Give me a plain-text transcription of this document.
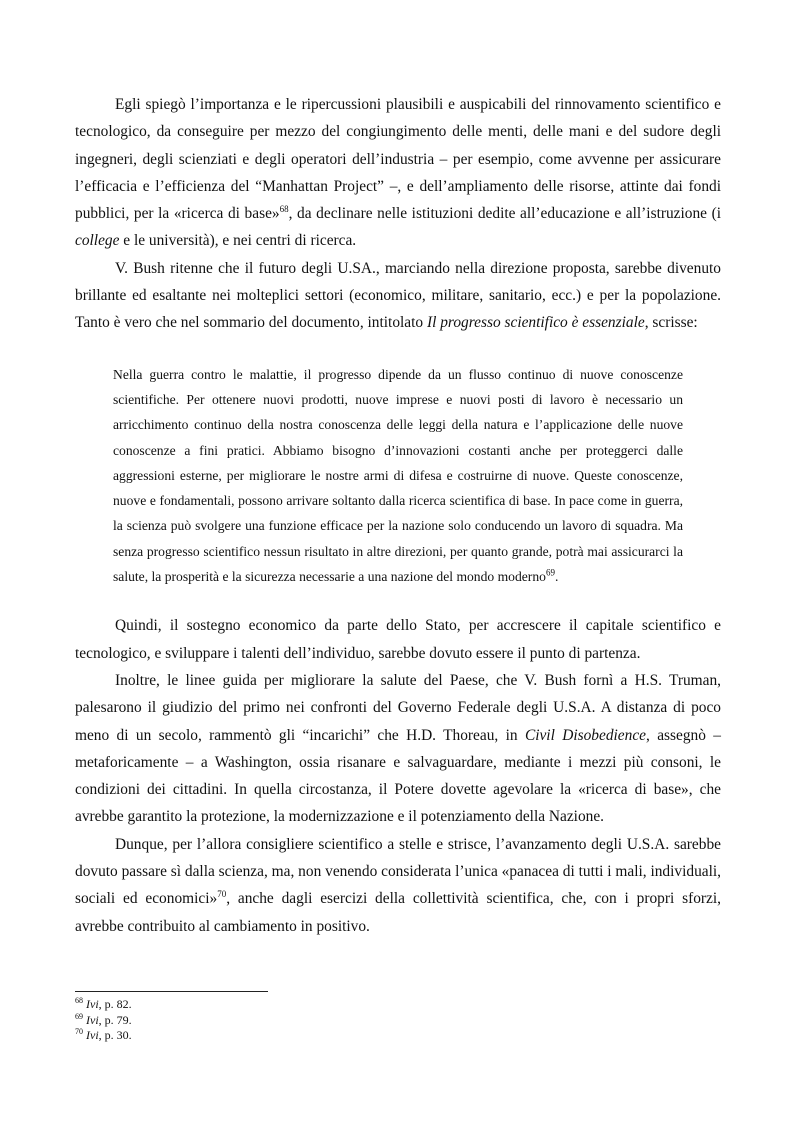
Egli spiegò l’importanza e le ripercussioni plausibili e auspicabili del rinnovamento scientifico e tecnologico, da conseguire per mezzo del congiungimento delle menti, delle mani e del sudore degli ingegneri, degli scienziati e degli operatori dell’industria – per esempio, come avvenne per assicurare l’efficacia e l’efficienza del “Manhattan Project” –, e dell’ampliamento delle risorse, attinte dai fondi pubblici, per la «ricerca di base»$^{68}$, da declinare nelle istituzioni dedite all’educazione e all’istruzione (i college e le università), e nei centri di ricerca.

V. Bush ritenne che il futuro degli U.SA., marciando nella direzione proposta, sarebbe divenuto brillante ed esaltante nei molteplici settori (economico, militare, sanitario, ecc.) e per la popolazione. Tanto è vero che nel sommario del documento, intitolato Il progresso scientifico è essenziale, scrisse:

Nella guerra contro le malattie, il progresso dipende da un flusso continuo di nuove conoscenze scientifiche. Per ottenere nuovi prodotti, nuove imprese e nuovi posti di lavoro è necessario un arricchimento continuo della nostra conoscenza delle leggi della natura e l’applicazione delle nuove conoscenze a fini pratici. Abbiamo bisogno d’innovazioni costanti anche per proteggerci dalle aggressioni esterne, per migliorare le nostre armi di difesa e costruirne di nuove. Queste conoscenze, nuove e fondamentali, possono arrivare soltanto dalla ricerca scientifica di base. In pace come in guerra, la scienza può svolgere una funzione efficace per la nazione solo conducendo un lavoro di squadra. Ma senza progresso scientifico nessun risultato in altre direzioni, per quanto grande, potrà mai assicurarci la salute, la prosperità e la sicurezza necessarie a una nazione del mondo moderno$^{69}$.

Quindi, il sostegno economico da parte dello Stato, per accrescere il capitale scientifico e tecnologico, e sviluppare i talenti dell’individuo, sarebbe dovuto essere il punto di partenza.

Inoltre, le linee guida per migliorare la salute del Paese, che V. Bush fornì a H.S. Truman, palesarono il giudizio del primo nei confronti del Governo Federale degli U.S.A. A distanza di poco meno di un secolo, rammentò gli “incarichi” che H.D. Thoreau, in Civil Disobedience, assegnò – metaforicamente – a Washington, ossia risanare e salvaguardare, mediante i mezzi più consoni, le condizioni dei cittadini. In quella circostanza, il Potere dovette agevolare la «ricerca di base», che avrebbe garantito la protezione, la modernizzazione e il potenziamento della Nazione.

Dunque, per l’allora consigliere scientifico a stelle e strisce, l’avanzamento degli U.S.A. sarebbe dovuto passare sì dalla scienza, ma, non venendo considerata l’unica «panacea di tutti i mali, individuali, sociali ed economici»$^{70}$, anche dagli esercizi della collettività scientifica, che, con i propri sforzi, avrebbe contribuito al cambiamento in positivo.

$^{68}$ Ivi, p. 82.
$^{69}$ Ivi, p. 79.
$^{70}$ Ivi, p. 30.
